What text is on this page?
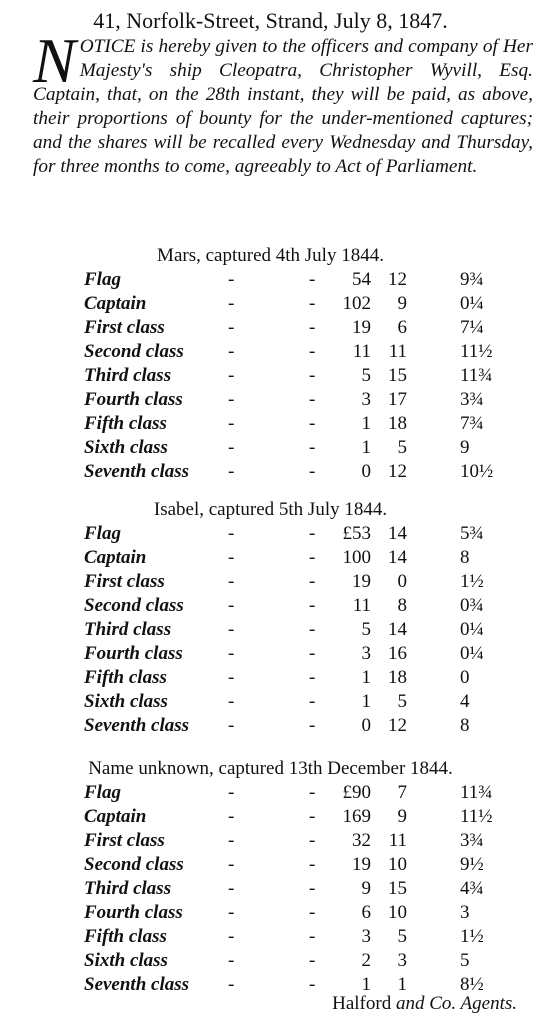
41, Norfolk-Street, Strand, July 8, 1847.
N OTICE is hereby given to the officers and company of Her Majesty's ship Cleopatra, Christopher Wyvill, Esq. Captain, that, on the 28th instant, they will be paid, as above, their proportions of bounty for the under-mentioned captures; and the shares will be recalled every Wednesday and Thursday, for three months to come, agreeably to Act of Parliament.
Mars, captured 4th July 1844.
Flag	-	- 54 12	9¾
Captain	-	- 102 9	0¼
First class	-	- 19 6	7¼
Second class -	- 11 11	11½
Third class	-	- 5 15	11¾
Fourth class -	- 3 17	3¾
Fifth class	-	- 1 18	7¾
Sixth class	-	- 1 5	9
Seventh class -	- 0 12	10½
Isabel, captured 5th July 1844.
Flag	-	- £53 14	5¾
Captain	-	- 100 14	8
First class	-	- 19 0	1½
Second class -	- 11 8	0¾
Third class	-	- 5 14	0¼
Fourth class -	- 3 16	0¼
Fifth class	-	- 1 18	0
Sixth class	-	- 1 5	4
Seventh class -	- 0 12	8
Name unknown, captured 13th December 1844.
Flag	-	- £90 7	11¾
Captain	-	- 169 9	11½
First class	-	- 32 11	3¾
Second class -	- 19 10	9½
Third class	-	- 9 15	4¾
Fourth class -	- 6 10	3
Fifth class	-	- 3 5	1½
Sixth class	-	- 2 3	5
Seventh class -	- 1 1	8½
Halford and Co. Agents.
